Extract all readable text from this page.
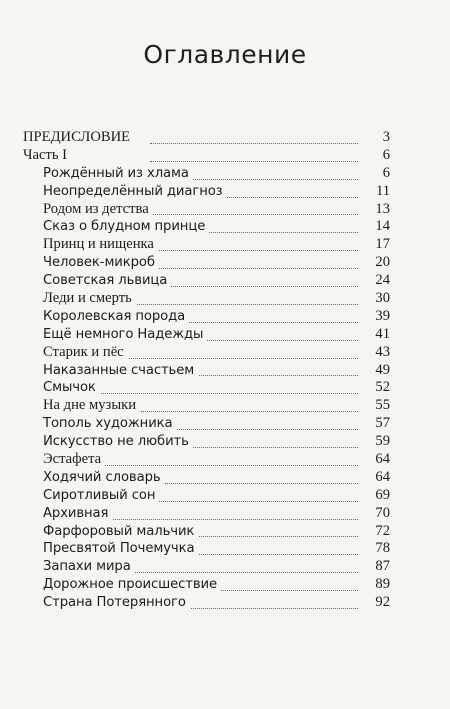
Оглавление
ПРЕДИСЛОВИЕ	3
Часть I	6
Рождённый из хлама	6
Неопределённый диагноз	11
Родом из детства	13
Сказ о блудном принце	14
Принц и нищенка	17
Человек-микроб	20
Советская львица	24
Леди и смерть	30
Королевская порода	39
Ещё немного Надежды	41
Старик и пёс	43
Наказанные счастьем	49
Смычок	52
На дне музыки	55
Тополь художника	57
Искусство не любить	59
Эстафета	64
Ходячий словарь	64
Сиротливый сон	69
Архивная	70
Фарфоровый мальчик	72
Пресвятой Почемучка	78
Запахи мира	87
Дорожное происшествие	89
Страна Потерянного	92
